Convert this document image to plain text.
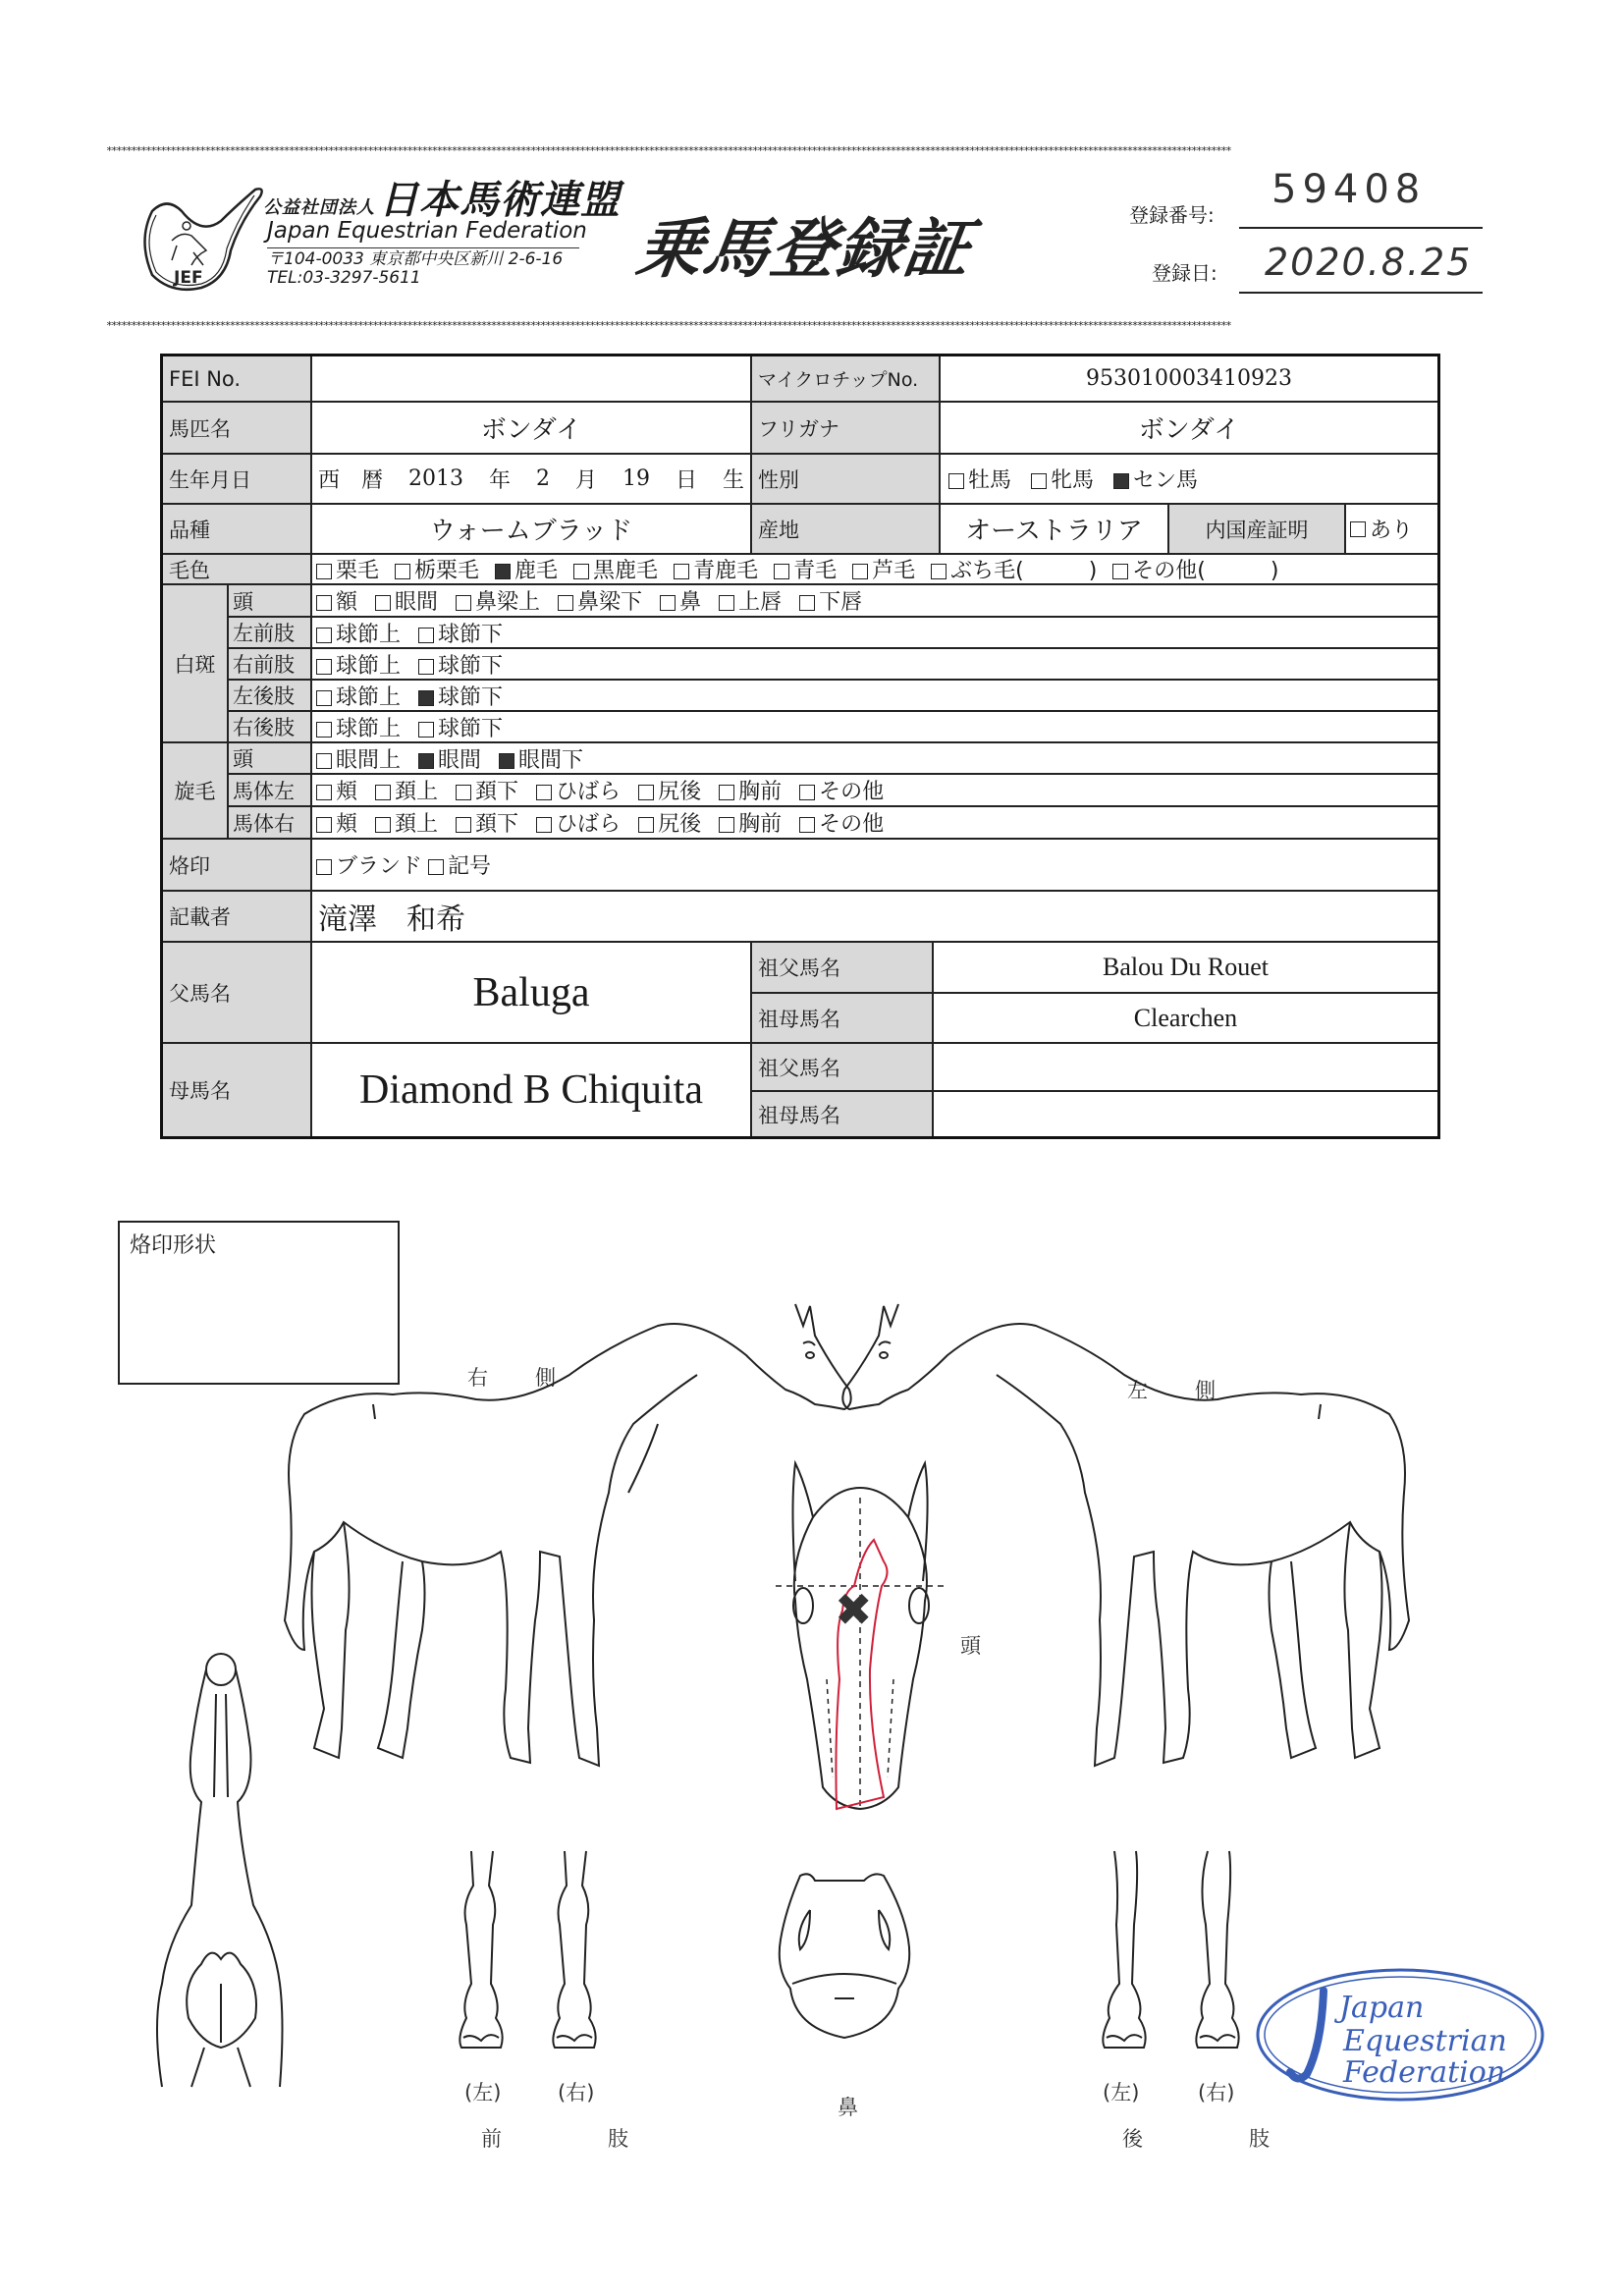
************************************************************************************************************************************************************************************************************************************
************************************************************************************************************************************************************************************************************************************
JEF
公益社団法人 日本馬術連盟
Japan Equestrian Federation
〒104-0033 東京都中央区新川 2-6-16
TEL:03-3297-5611	乗馬登録証	登録番号:
59408
登録日: 2020.8.25
FEI No.	マイクロチップNo.	953010003410923
馬匹名	ボンダイ	フリガナ	ボンダイ
生年月日	西　暦 2013 年 2 月 19 日 生 性別	牡馬	牝馬	セン馬
品種	ウォームブラッド	産地	オーストラリア	内国産証明	あり
毛色	栗毛	栃栗毛	鹿毛	黒鹿毛	青鹿毛	青毛	芦毛	ぶち毛(　　　)	その他(　　　)
白斑
頭	額	眼間	鼻梁上	鼻梁下	鼻	上唇	下唇
左前肢	球節上	球節下
右前肢	球節上	球節下
左後肢	球節上	球節下
右後肢	球節上	球節下
旋毛
頭	眼間上	眼間	眼間下
馬体左	頬	頚上	頚下	ひばら	尻後	胸前	その他
馬体右	頬	頚上	頚下	ひばら	尻後	胸前	その他
烙印	ブランド	記号
記載者	滝澤　和希
父馬名	Baluga
祖父馬名	Balou Du Rouet
祖母馬名	Clearchen
母馬名	Diamond B Chiquita	祖父馬名
祖母馬名
烙印形状
右　　側
左　　側
頭
✖
(左)	(右)
前　　肢
鼻
(左)	(右)
後　　肢
Japan
Equestrian
Federation
